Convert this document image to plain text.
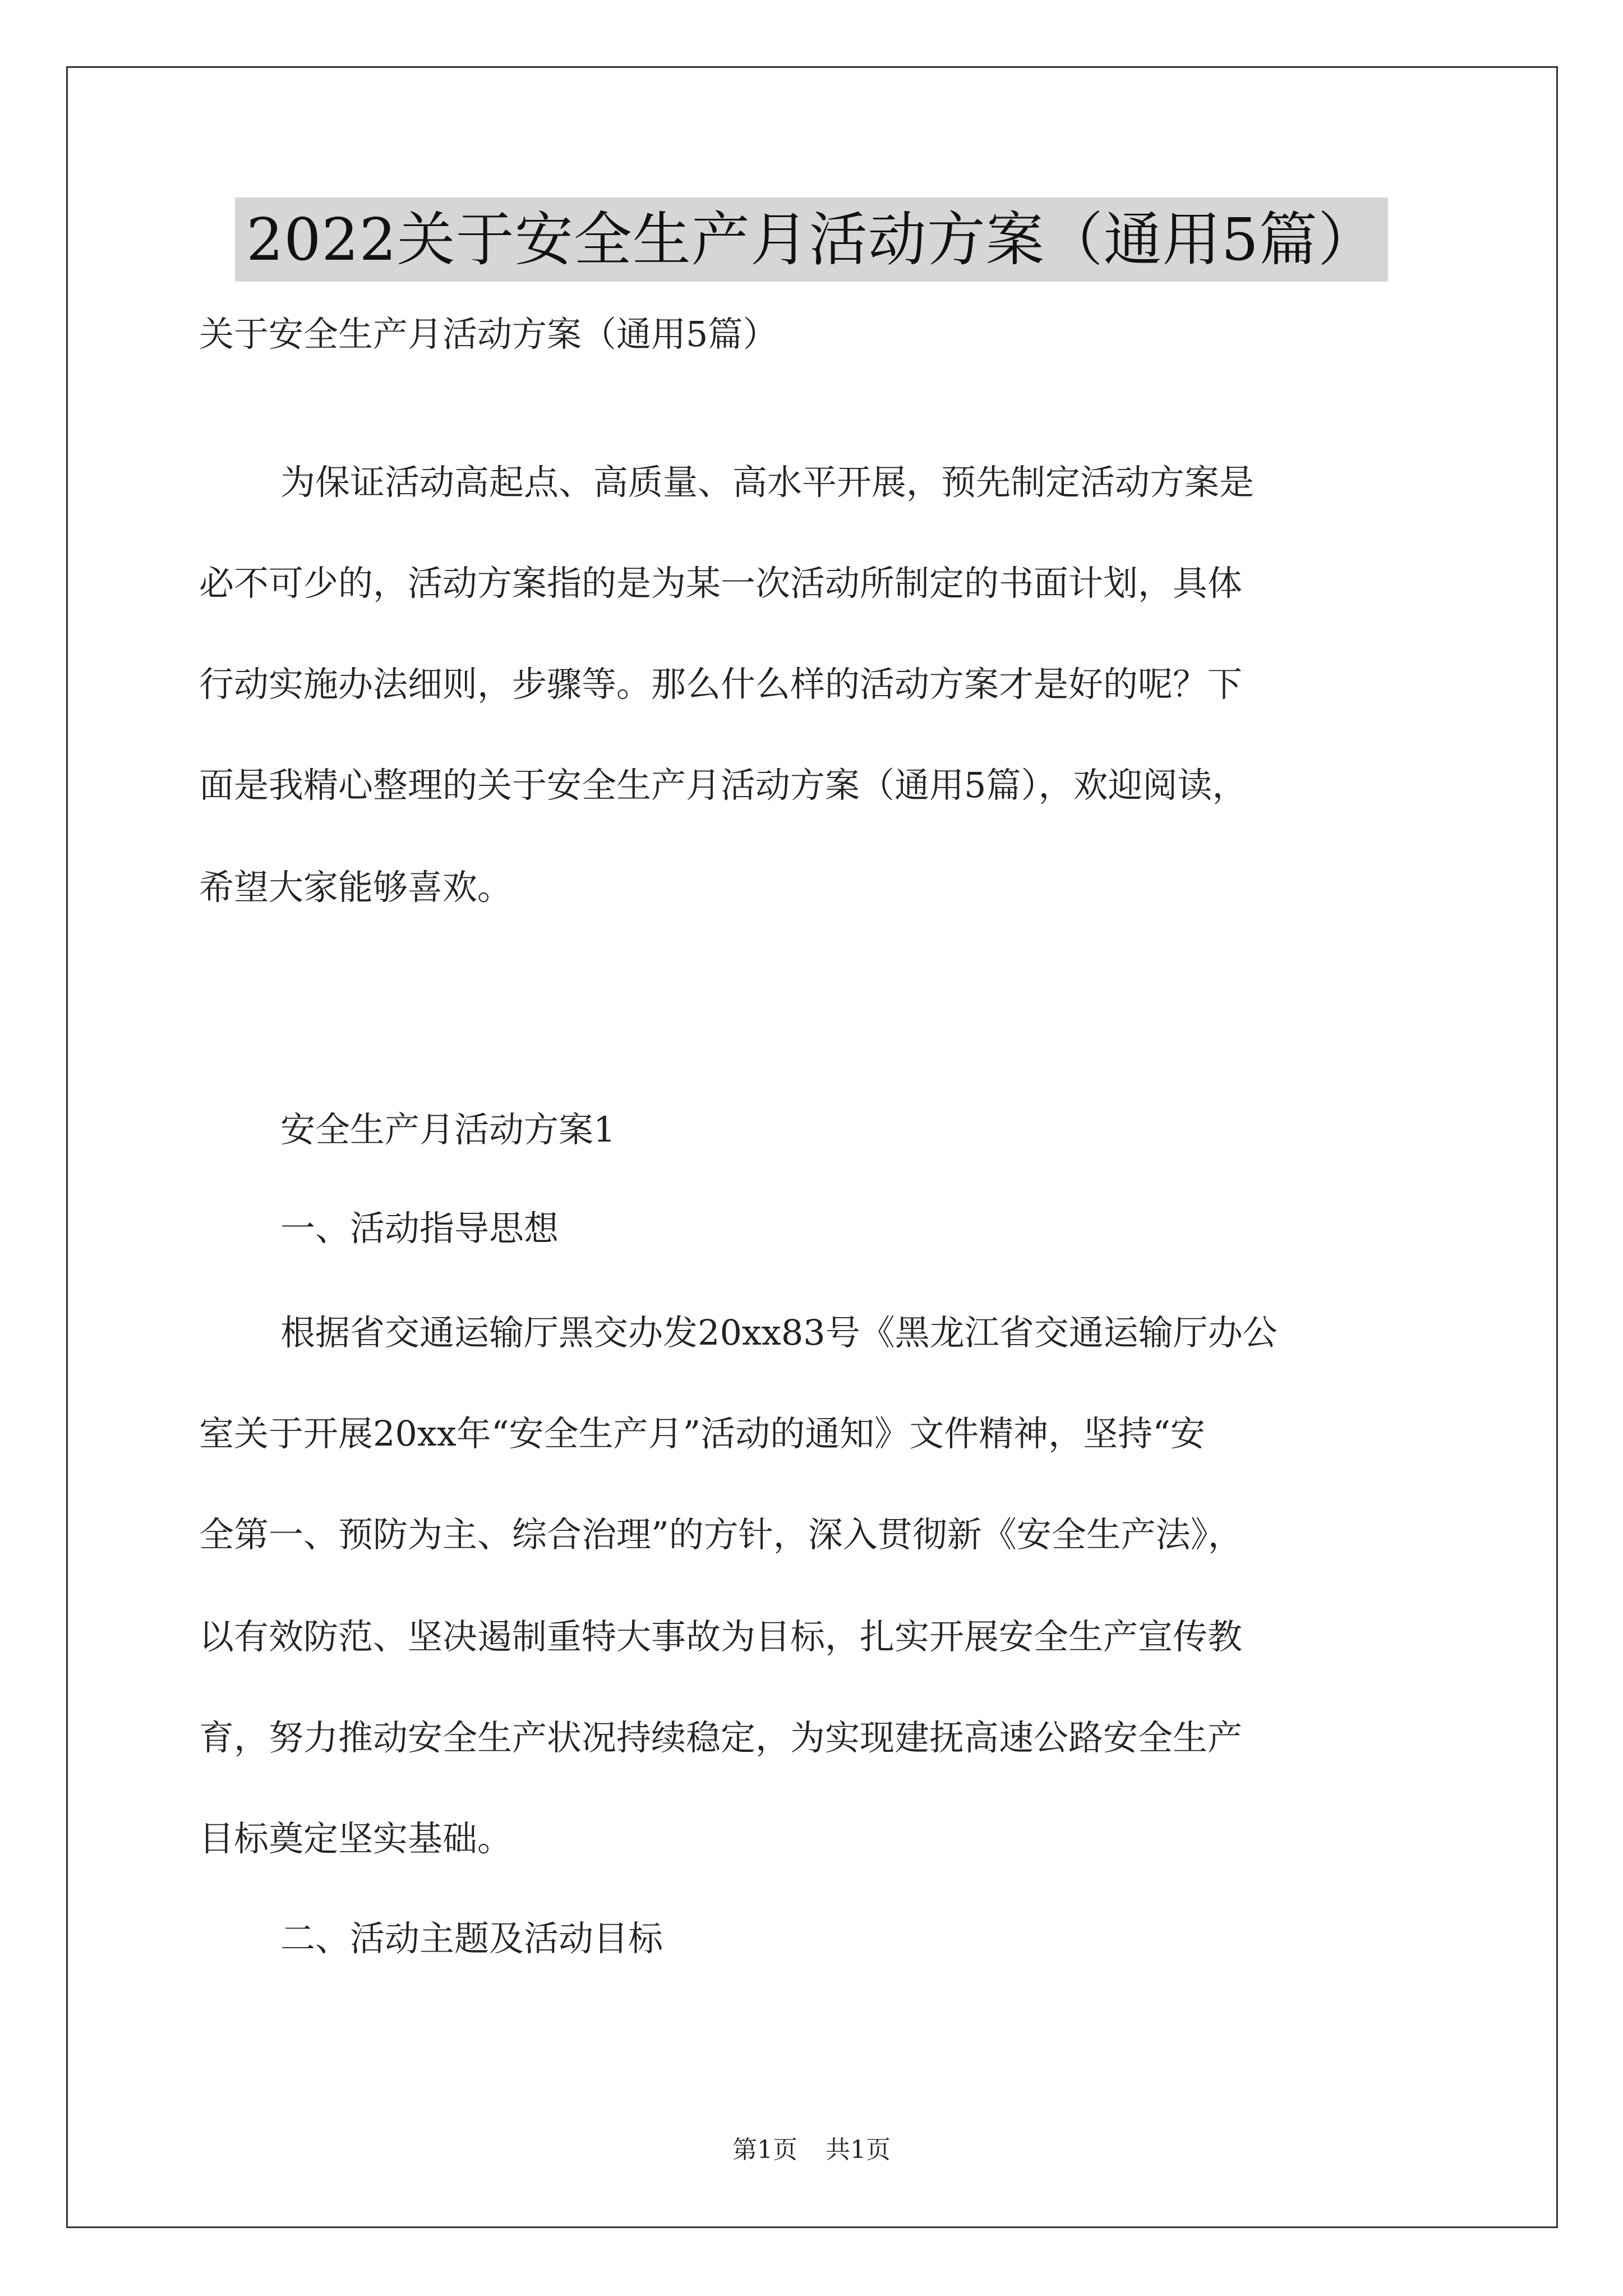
2022关于安全生产月活动方案（通用5篇）
关于安全生产月活动方案（通用5篇）
为保证活动高起点、高质量、高水平开展，预先制定活动方案是
必不可少的，活动方案指的是为某一次活动所制定的书面计划，具体
行动实施办法细则，步骤等。那么什么样的活动方案才是好的呢？下
面是我精心整理的关于安全生产月活动方案（通用5篇），欢迎阅读，
希望大家能够喜欢。
安全生产月活动方案1
一、活动指导思想
根据省交通运输厅黑交办发20xx83号《黑龙江省交通运输厅办公
室关于开展20xx年“安全生产月”活动的通知》文件精神，坚持“安
全第一、预防为主、综合治理”的方针，深入贯彻新《安全生产法》，
以有效防范、坚决遏制重特大事故为目标，扎实开展安全生产宣传教
育，努力推动安全生产状况持续稳定，为实现建抚高速公路安全生产
目标奠定坚实基础。
二、活动主题及活动目标
第1页 共1页
